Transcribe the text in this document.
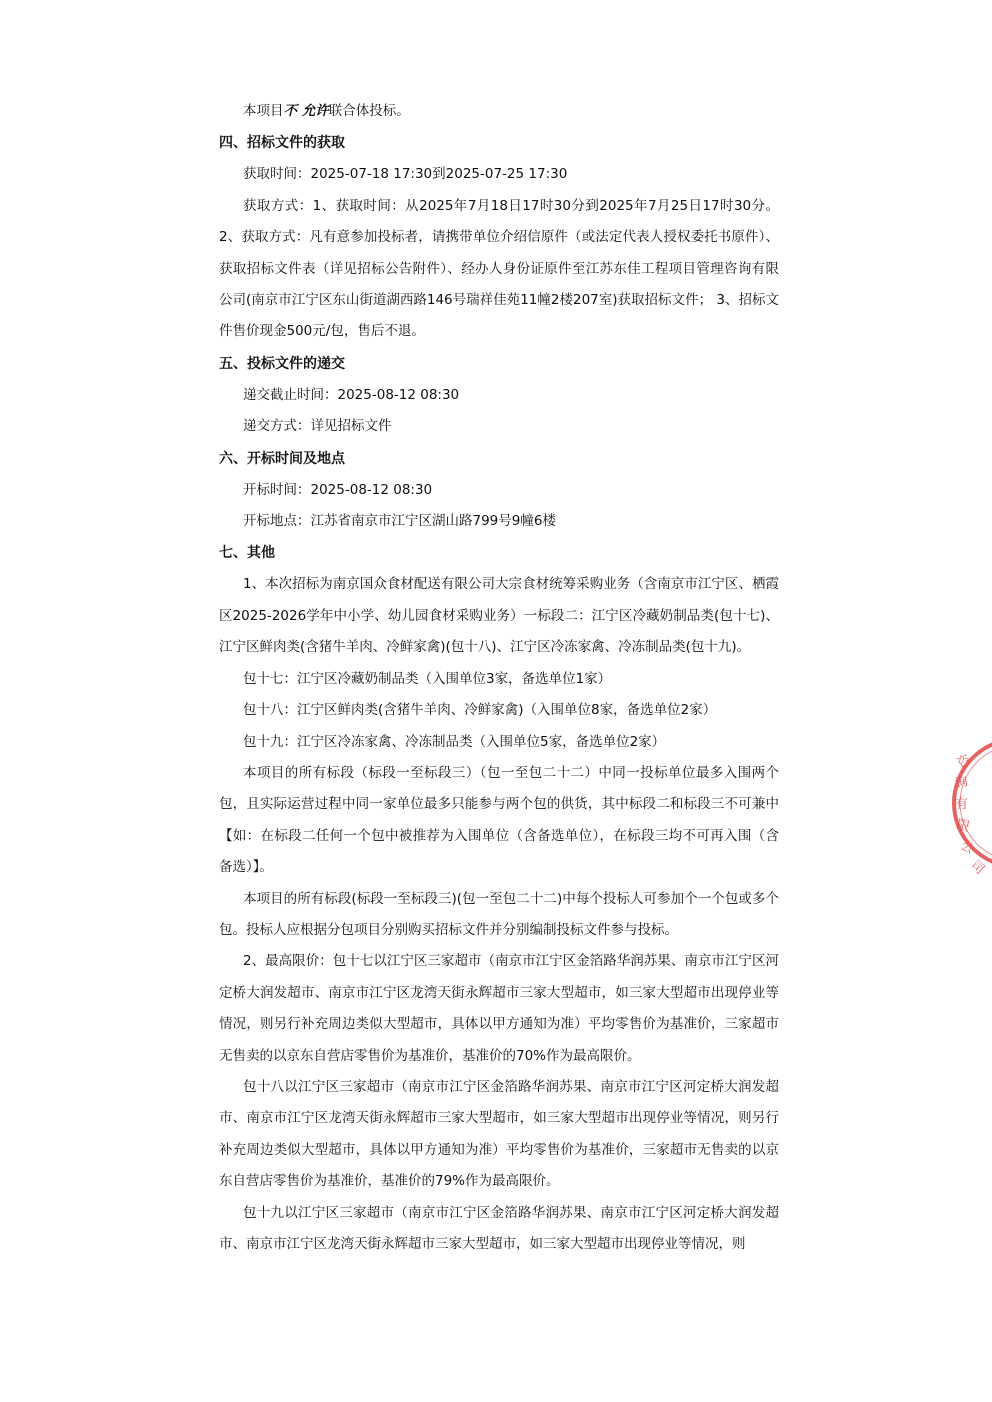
本项目不 允许联合体投标。

四、招标文件的获取

获取时间：2025-07-18 17:30到2025-07-25 17:30

获取方式：1、获取时间：从2025年7月18日17时30分到2025年7月25日17时30分。 2、获取方式：凡有意参加投标者，请携带单位介绍信原件（或法定代表人授权委托书原件）、获取招标文件表（详见招标公告附件）、经办人身份证原件至江苏东佳工程项目管理咨询有限公司(南京市江宁区东山街道湖西路146号瑞祥佳苑11幢2楼207室)获取招标文件； 3、招标文件售价现金500元/包，售后不退。

五、投标文件的递交

递交截止时间：2025-08-12 08:30

递交方式：详见招标文件

六、开标时间及地点

开标时间：2025-08-12 08:30

开标地点：江苏省南京市江宁区湖山路799号9幢6楼

七、其他

1、本次招标为南京国众食材配送有限公司大宗食材统筹采购业务（含南京市江宁区、栖霞区2025-2026学年中小学、幼儿园食材采购业务）一标段二：江宁区冷藏奶制品类(包十七)、江宁区鲜肉类(含猪牛羊肉、冷鲜家禽)(包十八)、江宁区冷冻家禽、冷冻制品类(包十九)。

包十七：江宁区冷藏奶制品类（入围单位3家，备选单位1家）

包十八：江宁区鲜肉类(含猪牛羊肉、冷鲜家禽)（入围单位8家，备选单位2家）

包十九：江宁区冷冻家禽、冷冻制品类（入围单位5家，备选单位2家）

本项目的所有标段（标段一至标段三）（包一至包二十二）中同一投标单位最多入围两个包，且实际运营过程中同一家单位最多只能参与两个包的供货，其中标段二和标段三不可兼中【如：在标段二任何一个包中被推荐为入围单位（含备选单位），在标段三均不可再入围（含备选）】。

本项目的所有标段(标段一至标段三)(包一至包二十二)中每个投标人可参加个一个包或多个包。投标人应根据分包项目分别购买招标文件并分别编制投标文件参与投标。

2、最高限价：包十七以江宁区三家超市（南京市江宁区金箔路华润苏果、南京市江宁区河定桥大润发超市、南京市江宁区龙湾天街永辉超市三家大型超市，如三家大型超市出现停业等情况，则另行补充周边类似大型超市，具体以甲方通知为准）平均零售价为基准价，三家超市无售卖的以京东自营店零售价为基准价，基准价的70%作为最高限价。

包十八以江宁区三家超市（南京市江宁区金箔路华润苏果、南京市江宁区河定桥大润发超市、南京市江宁区龙湾天街永辉超市三家大型超市，如三家大型超市出现停业等情况，则另行补充周边类似大型超市，具体以甲方通知为准）平均零售价为基准价，三家超市无售卖的以京东自营店零售价为基准价，基准价的79%作为最高限价。

包十九以江宁区三家超市（南京市江宁区金箔路华润苏果、南京市江宁区河定桥大润发超市、南京市江宁区龙湾天街永辉超市三家大型超市，如三家大型超市出现停业等情况，则

咨
询
有
限
公
司
